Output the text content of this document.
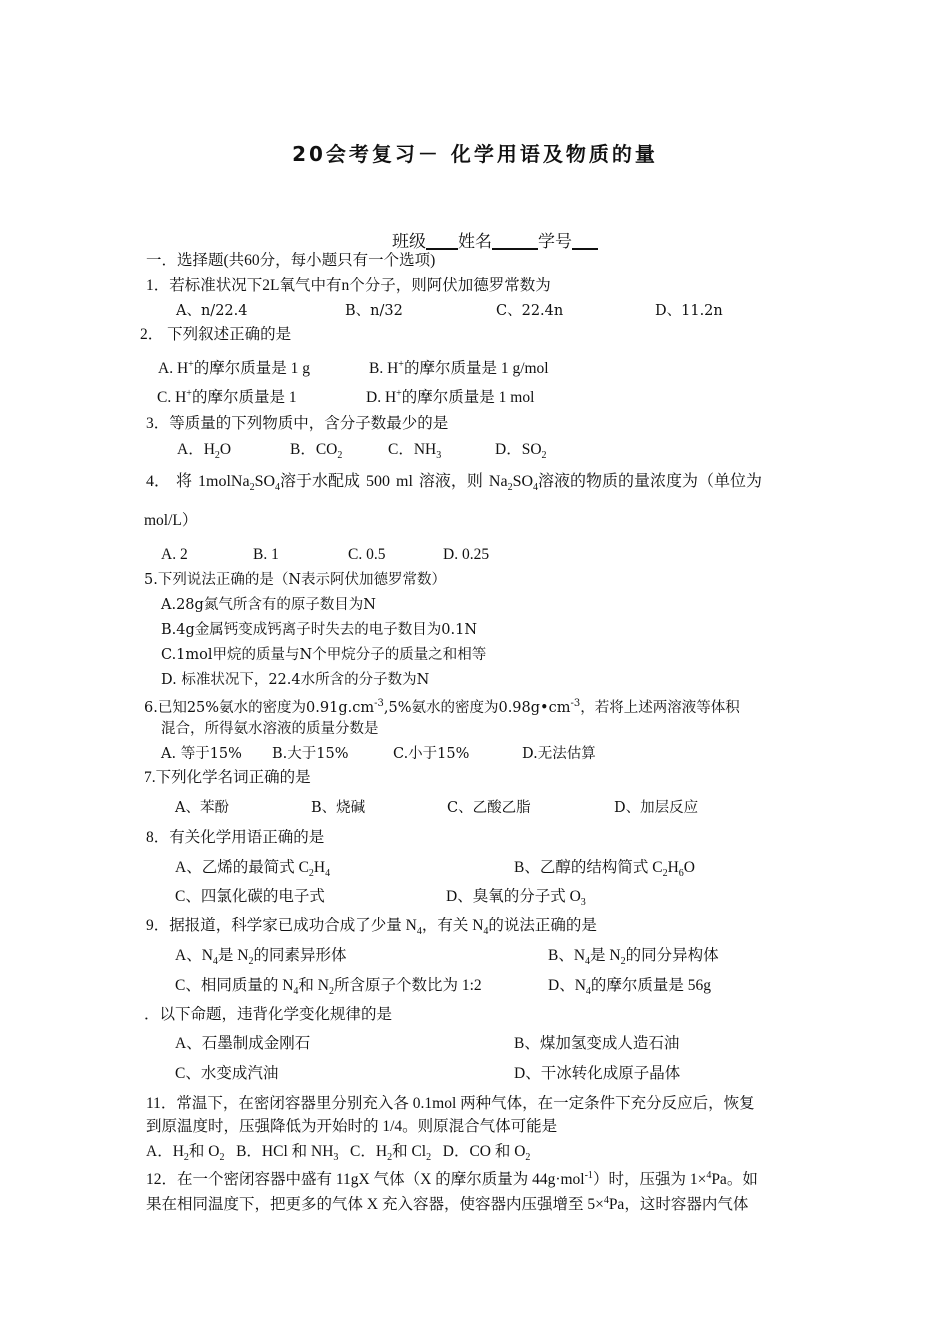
20会考复习－ 化学用语及物质的量
班级 姓名	学号
一．选择题(共60分，每小题只有一个选项)
1．若标准状况下2L氧气中有n个分子，则阿伏加德罗常数为
A、n/22.4	B、n/32	C、22.4n	D、11.2n
2． 下列叙述正确的是
A. H+的摩尔质量是 1 g	B. H+的摩尔质量是 1 g/mol
C. H+的摩尔质量是 1	D. H+的摩尔质量是 1 mol
3．等质量的下列物质中，含分子数最少的是
A．$H_2O$	B．$CO_2$	C．$NH_3$	D．$SO_2$
4． 将 $1molNa_2SO_4$溶于水配成 500 ml 溶液，则 $Na_2SO_4$溶液的物质的量浓度为（单位为
mol/L）
A. 2	B. 1	C. 0.5	D. 0.25
5.下列说法正确的是（N表示阿伏加德罗常数）
A.28g氮气所含有的原子数目为N
B.4g金属钙变成钙离子时失去的电子数目为0.1N
C.1mol甲烷的质量与N个甲烷分子的质量之和相等
D. 标准状况下，22.4水所含的分子数为N
6.已知25%氨水的密度为$0.91g.cm^{-3},5\%$氨水的密度为$0.98g•cm^{-3}$，若将上述两溶液等体积
混合，所得氨水溶液的质量分数是
A. 等于15% B.大于15%	C.小于15%	D.无法估算
7.下列化学名词正确的是
A、苯酚	B、烧碱	C、乙酸乙脂	D、加层反应
8．有关化学用语正确的是
A、乙烯的最简式 $C_2H_4$	B、乙醇的结构简式 $C_2H_6O$
C、四氯化碳的电子式	D、臭氧的分子式 $O_3$
9．据报道，科学家已成功合成了少量 $N_4$，有关 $N_4$的说法正确的是
A、$N_4$是 $N_2$的同素异形体	B、$N_4$是 $N_2$的同分异构体
C、相同质量的 $N_4$和 $N_2$所含原子个数比为 1:2	D、$N_4$的摩尔质量是 56g
．以下命题，违背化学变化规律的是
A、石墨制成金刚石	B、煤加氢变成人造石油
C、水变成汽油	D、干冰转化成原子晶体
11．常温下，在密闭容器里分别充入各 0.1mol 两种气体，在一定条件下充分反应后，恢复
到原温度时，压强降低为开始时的 1/4。则原混合气体可能是
A．$H_2$和 $O_2$ B．HCl 和 $NH_3$ C．$H_2$和 $Cl_2$ D．CO 和 $O_2$
12．在一个密闭容器中盛有 11gX 气体（X 的摩尔质量为 44g·mol$^{-1}$）时，压强为 1×$^4$Pa。如
果在相同温度下，把更多的气体 X 充入容器，使容器内压强增至 5×$^4$Pa，这时容器内气体
